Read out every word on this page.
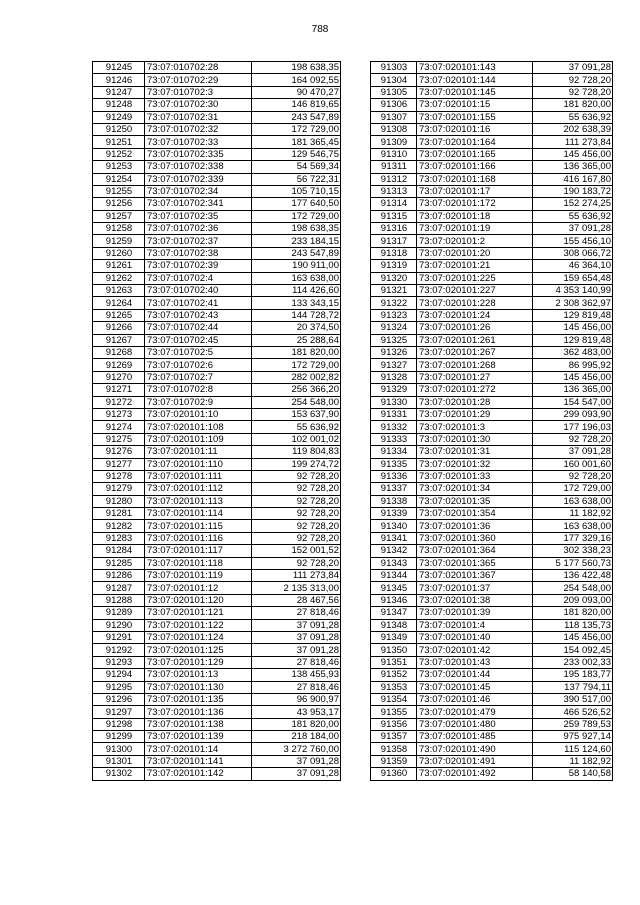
788
91245	73:07:010702:28	198 638,35
91246	73:07:010702:29	164 092,55
91247	73:07:010702:3	90 470,27
91248	73:07:010702:30	146 819,65
91249	73:07:010702:31	243 547,89
91250	73:07:010702:32	172 729,00
91251	73:07:010702:33	181 365,45
91252	73:07:010702:335	129 546,75
91253	73:07:010702:338	54 569,34
91254	73:07:010702:339	56 722,31
91255	73:07:010702:34	105 710,15
91256	73:07:010702:341	177 640,50
91257	73:07:010702:35	172 729,00
91258	73:07:010702:36	198 638,35
91259	73:07:010702:37	233 184,15
91260	73:07:010702:38	243 547,89
91261	73:07:010702:39	190 911,00
91262	73:07:010702:4	163 638,00
91263	73:07:010702:40	114 426,60
91264	73:07:010702:41	133 343,15
91265	73:07:010702:43	144 728,72
91266	73:07:010702:44	20 374,50
91267	73:07:010702:45	25 288,64
91268	73:07:010702:5	181 820,00
91269	73:07:010702:6	172 729,00
91270	73:07:010702:7	282 002,82
91271	73:07:010702:8	256 366,20
91272	73:07:010702:9	254 548,00
91273	73:07:020101:10	153 637,90
91274	73:07:020101:108	55 636,92
91275	73:07:020101:109	102 001,02
91276	73:07:020101:11	119 804,83
91277	73:07:020101:110	199 274,72
91278	73:07:020101:111	92 728,20
91279	73:07:020101:112	92 728,20
91280	73:07:020101:113	92 728,20
91281	73:07:020101:114	92 728,20
91282	73:07:020101:115	92 728,20
91283	73:07:020101:116	92 728,20
91284	73:07:020101:117	152 001,52
91285	73:07:020101:118	92 728,20
91286	73:07:020101:119	111 273,84
91287	73:07:020101:12	2 135 313,00
91288	73:07:020101:120	28 467,56
91289	73:07:020101:121	27 818,46
91290	73:07:020101:122	37 091,28
91291	73:07:020101:124	37 091,28
91292	73:07:020101:125	37 091,28
91293	73:07:020101:129	27 818,46
91294	73:07:020101:13	138 455,93
91295	73:07:020101:130	27 818,46
91296	73:07:020101:135	96 900,97
91297	73:07:020101:136	43 953,17
91298	73:07:020101:138	181 820,00
91299	73:07:020101:139	218 184,00
91300	73:07:020101:14	3 272 760,00
91301	73:07:020101:141	37 091,28
91302	73:07:020101:142	37 091,28
91303	73:07:020101:143	37 091,28
91304	73:07:020101:144	92 728,20
91305	73:07:020101:145	92 728,20
91306	73:07:020101:15	181 820,00
91307	73:07:020101:155	55 636,92
91308	73:07:020101:16	202 638,39
91309	73:07:020101:164	111 273,84
91310	73:07:020101:165	145 456,00
91311	73:07:020101:166	136 365,00
91312	73:07:020101:168	416 167,80
91313	73:07:020101:17	190 183,72
91314	73:07:020101:172	152 274,25
91315	73:07:020101:18	55 636,92
91316	73:07:020101:19	37 091,28
91317	73:07:020101:2	155 456,10
91318	73:07:020101:20	308 066,72
91319	73:07:020101:21	46 364,10
91320	73:07:020101:225	159 654,48
91321	73:07:020101:227	4 353 140,99
91322	73:07:020101:228	2 308 362,97
91323	73:07:020101:24	129 819,48
91324	73:07:020101:26	145 456,00
91325	73:07:020101:261	129 819,48
91326	73:07:020101:267	362 483,00
91327	73:07:020101:268	86 995,92
91328	73:07:020101:27	145 456,00
91329	73:07:020101:272	136 365,00
91330	73:07:020101:28	154 547,00
91331	73:07:020101:29	299 093,90
91332	73:07:020101:3	177 196,03
91333	73:07:020101:30	92 728,20
91334	73:07:020101:31	37 091,28
91335	73:07:020101:32	160 001,60
91336	73:07:020101:33	92 728,20
91337	73:07:020101:34	172 729,00
91338	73:07:020101:35	163 638,00
91339	73:07:020101:354	11 182,92
91340	73:07:020101:36	163 638,00
91341	73:07:020101:360	177 329,16
91342	73:07:020101:364	302 338,23
91343	73:07:020101:365	5 177 560,73
91344	73:07:020101:367	136 422,48
91345	73:07:020101:37	254 548,00
91346	73:07:020101:38	209 093,00
91347	73:07:020101:39	181 820,00
91348	73:07:020101:4	118 135,73
91349	73:07:020101:40	145 456,00
91350	73:07:020101:42	154 092,45
91351	73:07:020101:43	233 002,33
91352	73:07:020101:44	195 183,77
91353	73:07:020101:45	137 794,11
91354	73:07:020101:46	390 517,00
91355	73:07:020101:479	466 526,52
91356	73:07:020101:480	259 789,53
91357	73:07:020101:485	975 927,14
91358	73:07:020101:490	115 124,60
91359	73:07:020101:491	11 182,92
91360	73:07:020101:492	58 140,58
